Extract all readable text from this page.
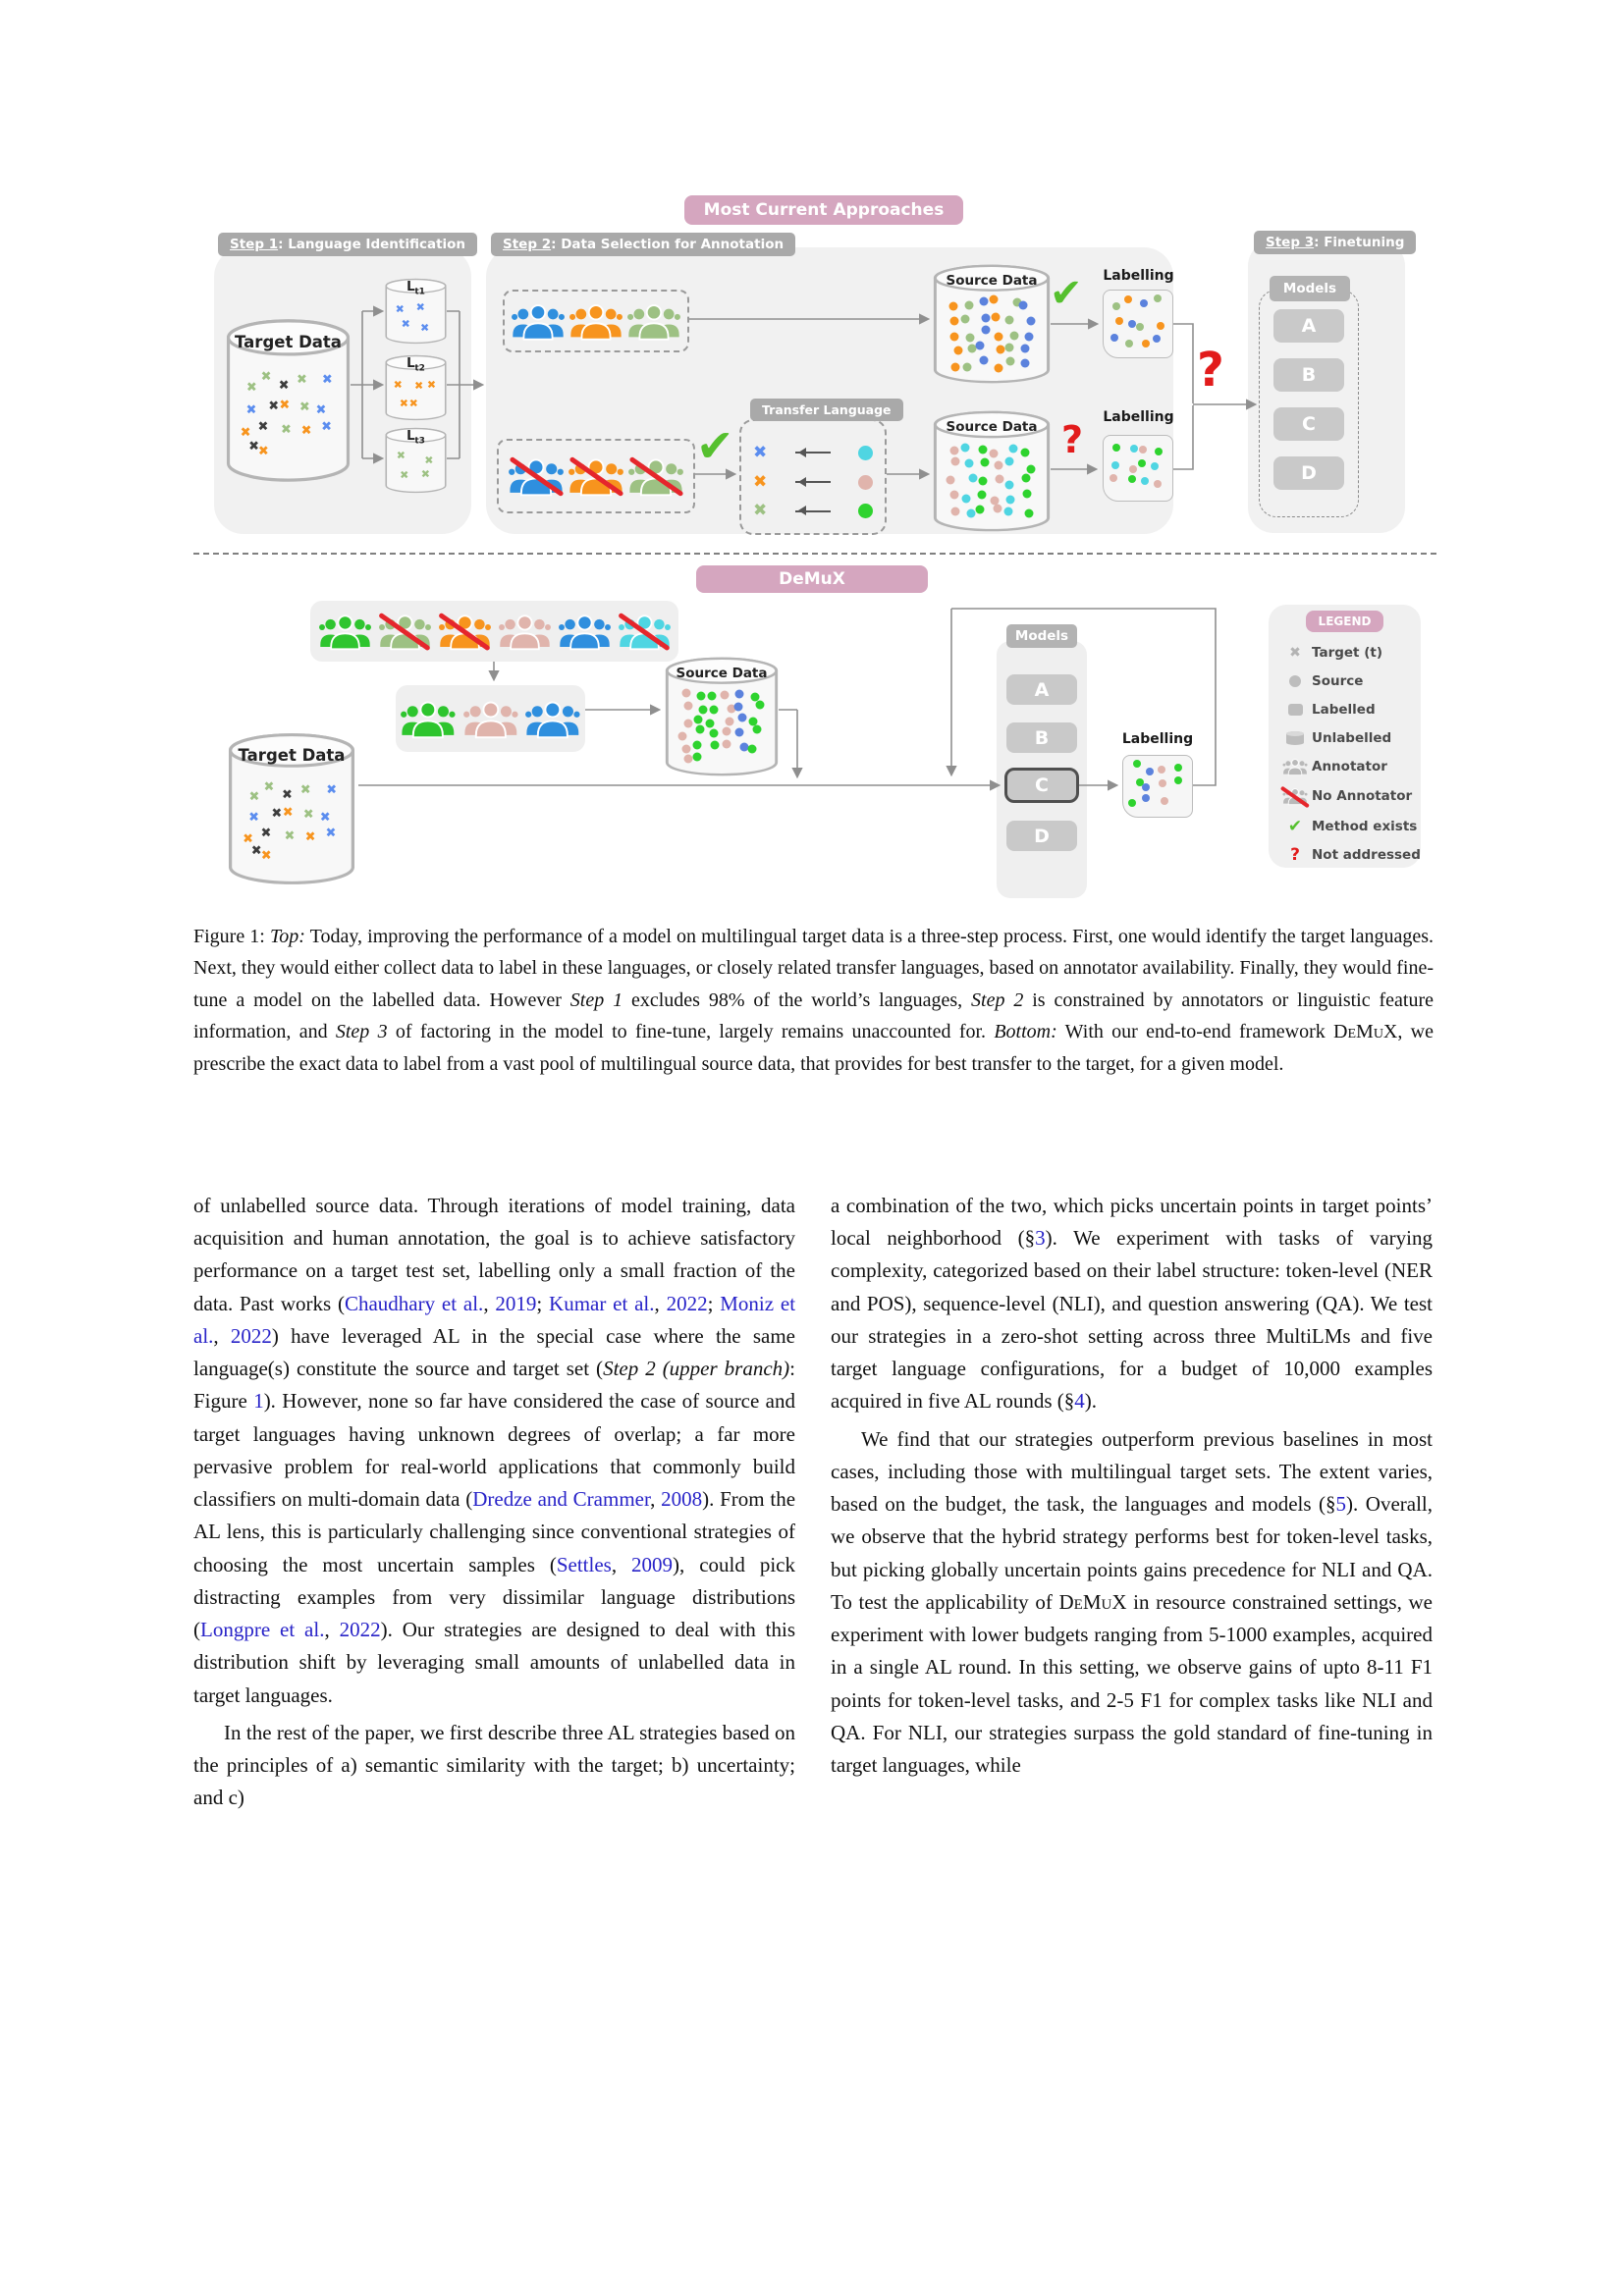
Most Current Approaches
Step 1: Language Identification	Step 2: Data Selection for Annotation	Step 3: Finetuning
Target Data
✖
✖
✖ ✖ ✖
✖ ✖ ✖ ✖ ✖
✖ ✖ ✖ ✖ ✖
✖
✖
$L_{t1}$
✖ ✖
✖ ✖
$L_{t2}$
✖ ✖ ✖
✖ ✖
$L_{t3}$
✖ ✖
✖ ✖
Source Data ✔	Labelling
✔
Transfer Language
✖
✖
✖
Source Data ?
Labelling
?
Models
A
B
C
D
DeMuX
Target Data
✖
✖
✖ ✖ ✖
✖ ✖ ✖ ✖ ✖
✖ ✖ ✖ ✖ ✖
✖ ✖
Source Data
Models
A
B
C
D
Labelling
LEGEND
✖ Target (t)
Source
Labelled
Unlabelled
Annotator
No Annotator
✔ Method exists
? Not addressed
Figure 1: Top: Today, improving the performance of a model on multilingual target data is a three-step process. First, one would identify the target languages. Next, they would either collect data to label in these languages, or closely related transfer languages, based on annotator availability. Finally, they would fine-tune a model on the labelled data. However Step 1 excludes 98% of the world’s languages, Step 2 is constrained by annotators or linguistic feature information, and Step 3 of factoring in the model to fine-tune, largely remains unaccounted for. Bottom: With our end-to-end framework DeMuX, we prescribe the exact data to label from a vast pool of multilingual source data, that provides for best transfer to the target, for a given model.

of unlabelled source data. Through iterations of model training, data acquisition and human annotation, the goal is to achieve satisfactory performance on a target test set, labelling only a small fraction of the data. Past works (Chaudhary et al., 2019; Kumar et al., 2022; Moniz et al., 2022) have leveraged AL in the special case where the same language(s) constitute the source and target set (Step 2 (upper branch): Figure 1). However, none so far have considered the case of source and target languages having unknown degrees of overlap; a far more pervasive problem for real-world applications that commonly build classifiers on multi-domain data (Dredze and Crammer, 2008). From the AL lens, this is particularly challenging since conventional strategies of choosing the most uncertain samples (Settles, 2009), could pick distracting examples from very dissimilar language distributions (Longpre et al., 2022). Our strategies are designed to deal with this distribution shift by leveraging small amounts of unlabelled data in target languages.

In the rest of the paper, we first describe three AL strategies based on the principles of a) semantic similarity with the target; b) uncertainty; and c)

a combination of the two, which picks uncertain points in target points’ local neighborhood (§3). We experiment with tasks of varying complexity, categorized based on their label structure: token-level (NER and POS), sequence-level (NLI), and question answering (QA). We test our strategies in a zero-shot setting across three MultiLMs and five target language configurations, for a budget of 10,000 examples acquired in five AL rounds (§4).

We find that our strategies outperform previous baselines in most cases, including those with multilingual target sets. The extent varies, based on the budget, the task, the languages and models (§5). Overall, we observe that the hybrid strategy performs best for token-level tasks, but picking globally uncertain points gains precedence for NLI and QA. To test the applicability of DeMuX in resource constrained settings, we experiment with lower budgets ranging from 5-1000 examples, acquired in a single AL round. In this setting, we observe gains of upto 8-11 F1 points for token-level tasks, and 2-5 F1 for complex tasks like NLI and QA. For NLI, our strategies surpass the gold standard of fine-tuning in target languages, while
